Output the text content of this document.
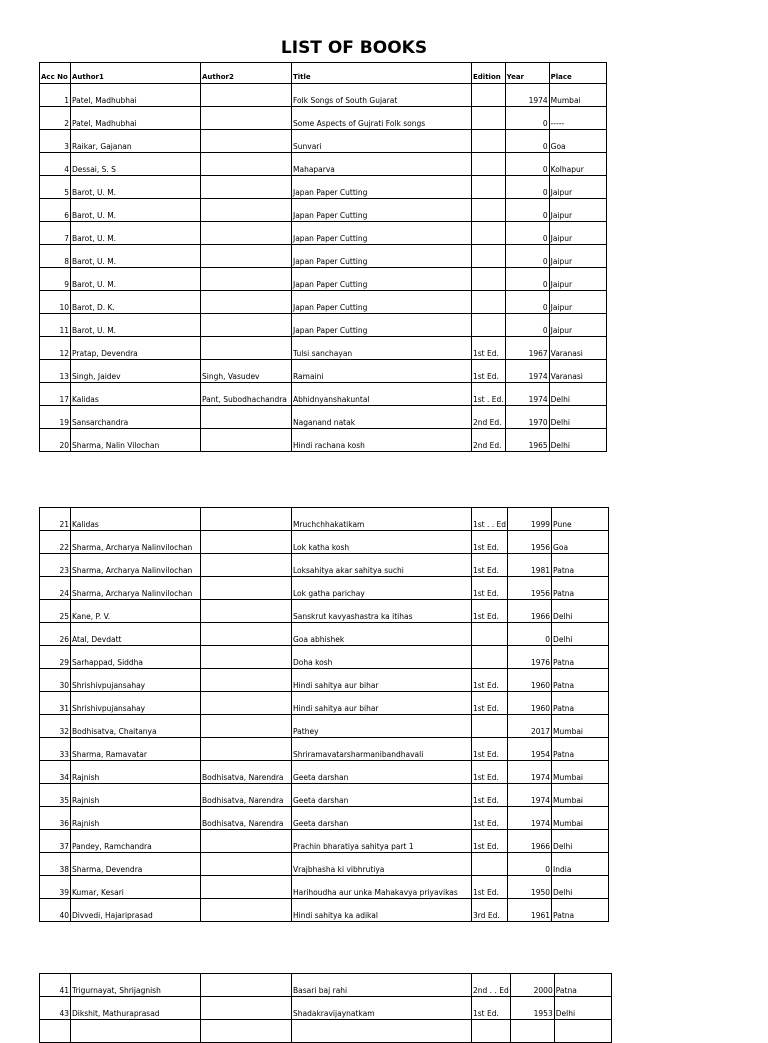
LIST OF BOOKS
Acc No	Author1	Author2	Title	Edition	Year	Place
1	Patel, Madhubhai		Folk Songs of South Gujarat		1974	Mumbai
2	Patel, Madhubhai		Some Aspects of Gujrati Folk songs		0	-----
3	Raikar, Gajanan		Sunvari		0	Goa
4	Dessai, S. S		Mahaparva		0	Kolhapur
5	Barot, U. M.		Japan Paper Cutting		0	Jaipur
6	Barot, U. M.		Japan Paper Cutting		0	Jaipur
7	Barot, U. M.		Japan Paper Cutting		0	Jaipur
8	Barot, U. M.		Japan Paper Cutting		0	Jaipur
9	Barot, U. M.		Japan Paper Cutting		0	Jaipur
10	Barot, D. K.		Japan Paper Cutting		0	Jaipur
11	Barot, U. M.		Japan Paper Cutting		0	Jaipur
12	Pratap, Devendra		Tulsi sanchayan	1st Ed.	1967	Varanasi
13	Singh, Jaidev	Singh, Vasudev	Ramaini	1st Ed.	1974	Varanasi
17	Kalidas	Pant, Subodhachandra	Abhidnyanshakuntal	1st . Ed.	1974	Delhi
19	Sansarchandra		Naganand natak	2nd Ed.	1970	Delhi
20	Sharma, Nalin Vilochan		Hindi rachana kosh	2nd Ed.	1965	Delhi
21	Kalidas		Mruchchhakatikam	1st . . Ed	1999	Pune
22	Sharma, Archarya Nalinvilochan		Lok katha kosh	1st Ed.	1956	Goa
23	Sharma, Archarya Nalinvilochan		Loksahitya akar sahitya suchi	1st Ed.	1981	Patna
24	Sharma, Archarya Nalinvilochan		Lok gatha parichay	1st Ed.	1956	Patna
25	Kane, P. V.		Sanskrut kavyashastra ka itihas	1st Ed.	1966	Delhi
26	Atal, Devdatt		Goa abhishek		0	Delhi
29	Sarhappad, Siddha		Doha kosh		1976	Patna
30	Shrishivpujansahay		Hindi sahitya aur bihar	1st Ed.	1960	Patna
31	Shrishivpujansahay		Hindi sahitya aur bihar	1st Ed.	1960	Patna
32	Bodhisatva, Chaitanya		Pathey		2017	Mumbai
33	Sharma, Ramavatar		Shriramavatarsharmanibandhavali	1st Ed.	1954	Patna
34	Rajnish	Bodhisatva, Narendra	Geeta darshan	1st Ed.	1974	Mumbai
35	Rajnish	Bodhisatva, Narendra	Geeta darshan	1st Ed.	1974	Mumbai
36	Rajnish	Bodhisatva, Narendra	Geeta darshan	1st Ed.	1974	Mumbai
37	Pandey, Ramchandra		Prachin bharatiya sahitya part 1	1st Ed.	1966	Delhi
38	Sharma, Devendra		Vrajbhasha ki vibhrutiya		0	India
39	Kumar, Kesari		Harihoudha aur unka Mahakavya priyavikas	1st Ed.	1950	Delhi
40	Divvedi, Hajariprasad		Hindi sahitya ka adikal	3rd Ed.	1961	Patna
41	Trigurnayat, Shrijagnish		Basari baj rahi	2nd . . Ed	2000	Patna
43	Dikshit, Mathuraprasad		Shadakravijaynatkam	1st Ed.	1953	Delhi
